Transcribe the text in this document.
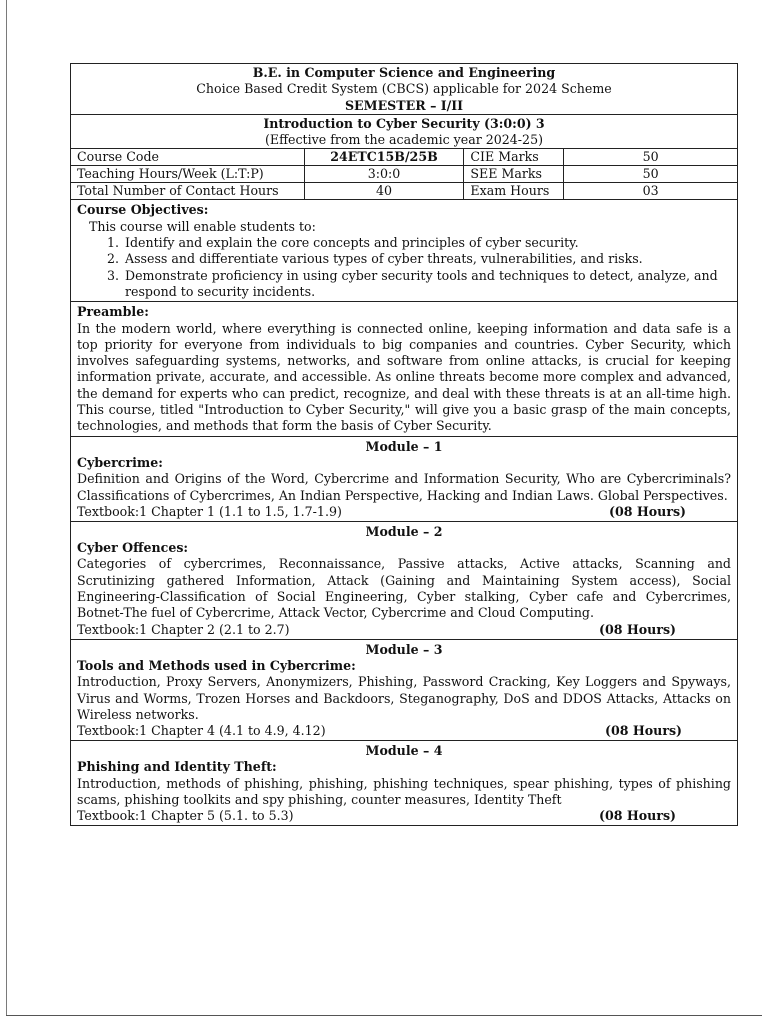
B.E. in Computer Science and Engineering
Choice Based Credit System (CBCS) applicable for 2024 Scheme
SEMESTER – I/II
Introduction to Cyber Security (3:0:0) 3
(Effective from the academic year 2024-25)
Course Code	24ETC15B/25B	CIE Marks	50
Teaching Hours/Week (L:T:P)	3:0:0	SEE Marks	50
Total Number of Contact Hours	40	Exam Hours	03
Course Objectives:
This course will enable students to:
1. Identify and explain the core concepts and principles of cyber security.
2. Assess and differentiate various types of cyber threats, vulnerabilities, and risks.
3. Demonstrate proficiency in using cyber security tools and techniques to detect, analyze, and respond to security incidents.
Preamble:
In the modern world, where everything is connected online, keeping information and data safe is a top priority for everyone from individuals to big companies and countries. Cyber Security, which involves safeguarding systems, networks, and software from online attacks, is crucial for keeping information private, accurate, and accessible. As online threats become more complex and advanced, the demand for experts who can predict, recognize, and deal with these threats is at an all-time high. This course, titled "Introduction to Cyber Security," will give you a basic grasp of the main concepts, technologies, and methods that form the basis of Cyber Security.
Module – 1
Cybercrime:
Definition and Origins of the Word, Cybercrime and Information Security, Who are Cybercriminals? Classifications of Cybercrimes, An Indian Perspective, Hacking and Indian Laws. Global Perspectives.
Textbook:1 Chapter 1 (1.1 to 1.5, 1.7-1.9)	(08 Hours)
Module – 2
Cyber Offences:
Categories of cybercrimes, Reconnaissance, Passive attacks, Active attacks, Scanning and Scrutinizing gathered Information, Attack (Gaining and Maintaining System access), Social Engineering-Classification of Social Engineering, Cyber stalking, Cyber cafe and Cybercrimes, Botnet-The fuel of Cybercrime, Attack Vector, Cybercrime and Cloud Computing.
Textbook:1 Chapter 2 (2.1 to 2.7)	(08 Hours)
Module – 3
Tools and Methods used in Cybercrime:
Introduction, Proxy Servers, Anonymizers, Phishing, Password Cracking, Key Loggers and Spyways, Virus and Worms, Trozen Horses and Backdoors, Steganography, DoS and DDOS Attacks, Attacks on Wireless networks.
Textbook:1 Chapter 4 (4.1 to 4.9, 4.12)	(08 Hours)
Module – 4
Phishing and Identity Theft:
Introduction, methods of phishing, phishing, phishing techniques, spear phishing, types of phishing scams, phishing toolkits and spy phishing, counter measures, Identity Theft
Textbook:1 Chapter 5 (5.1. to 5.3)	(08 Hours)
